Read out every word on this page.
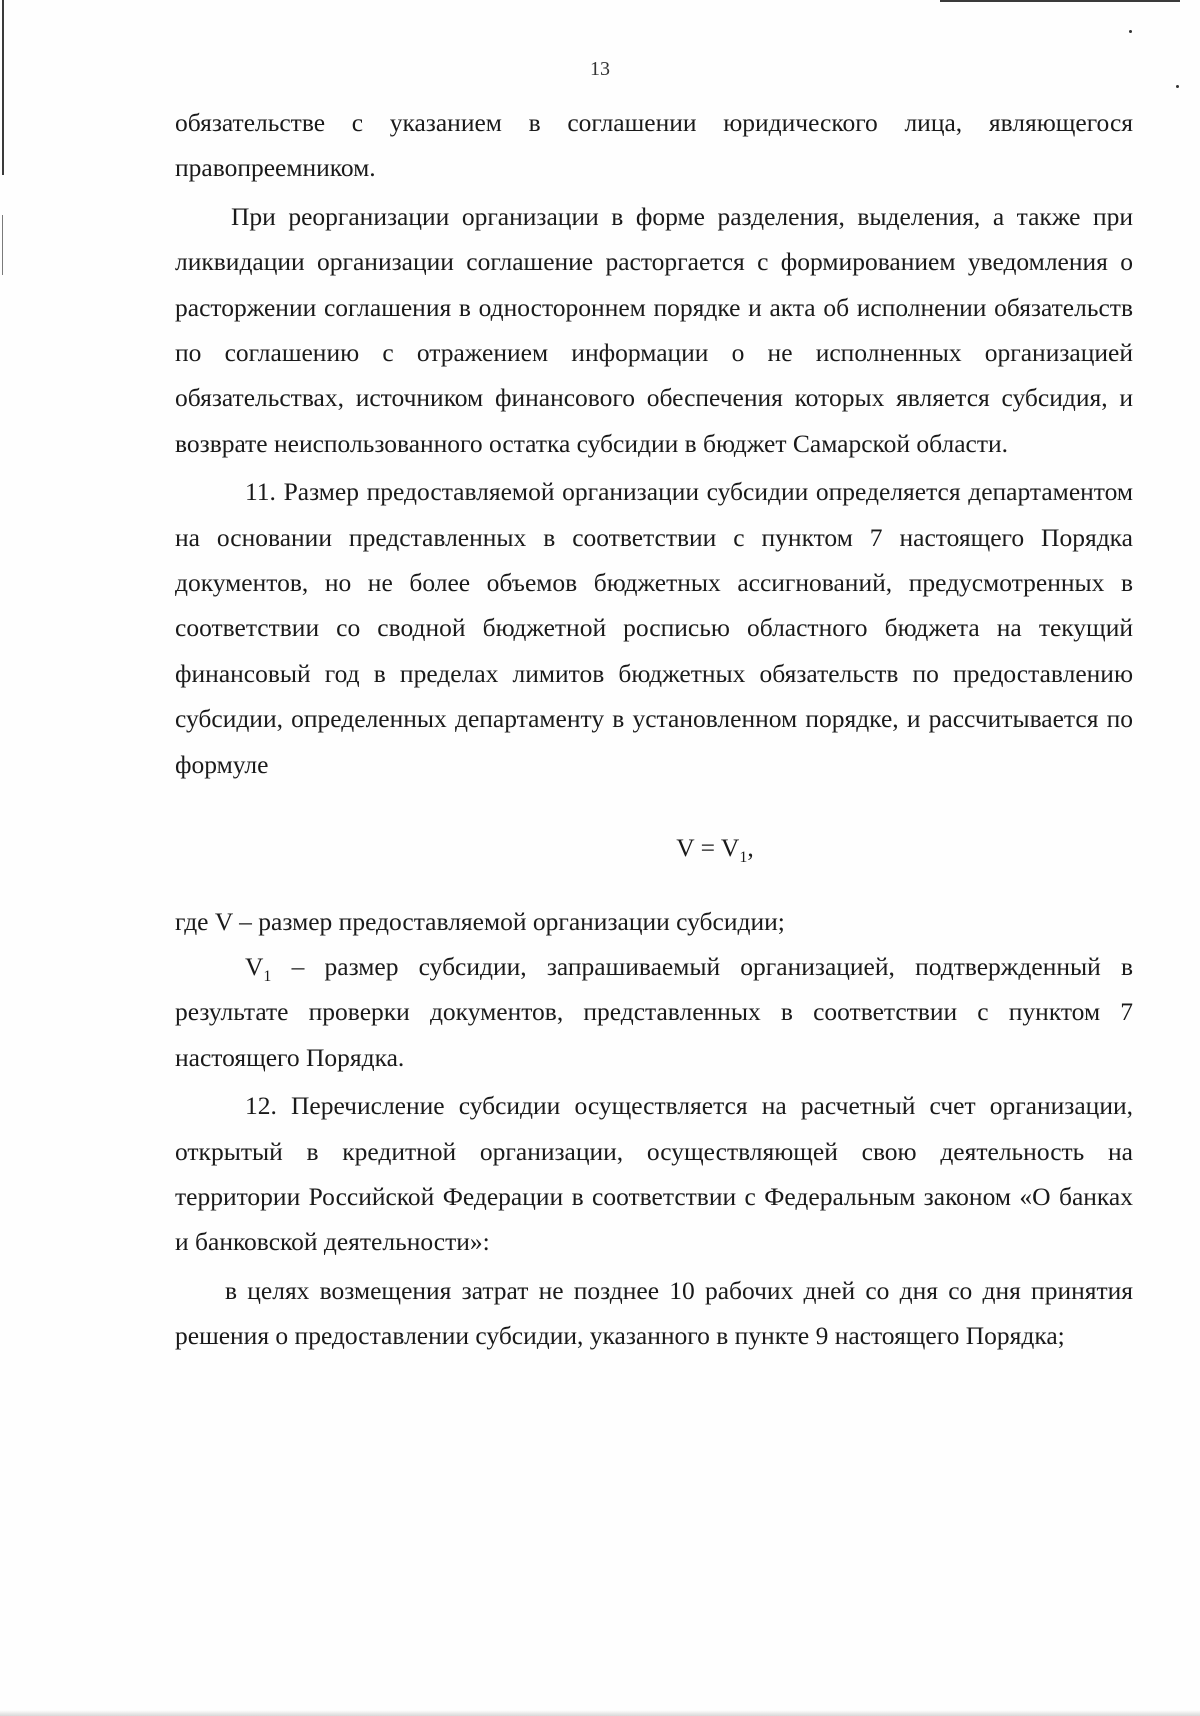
13

обязательстве с указанием в соглашении юридического лица, являющегося правопреемником.

При реорганизации организации в форме разделения, выделения, а также при ликвидации организации соглашение расторгается с формированием уведомления о расторжении соглашения в одностороннем порядке и акта об исполнении обязательств по соглашению с отражением информации о не исполненных организацией обязательствах, источником финансового обеспечения которых является субсидия, и возврате неиспользованного остатка субсидии в бюджет Самарской области.

11. Размер предоставляемой организации субсидии определяется департаментом на основании представленных в соответствии с пунктом 7 настоящего Порядка документов, но не более объемов бюджетных ассигнований, предусмотренных в соответствии со сводной бюджетной росписью областного бюджета на текущий финансовый год в пределах лимитов бюджетных обязательств по предоставлению субсидии, определенных департаменту в установленном порядке, и рассчитывается по формуле

$V = V_1$,

где V – размер предоставляемой организации субсидии;

$V_1$ – размер субсидии, запрашиваемый организацией, подтвержденный в результате проверки документов, представленных в соответствии с пунктом 7 настоящего Порядка.

12. Перечисление субсидии осуществляется на расчетный счет организации, открытый в кредитной организации, осуществляющей свою деятельность на территории Российской Федерации в соответствии с Федеральным законом «О банках и банковской деятельности»:

в целях возмещения затрат не позднее 10 рабочих дней со дня со дня принятия решения о предоставлении субсидии, указанного в пункте 9 настоящего Порядка;
